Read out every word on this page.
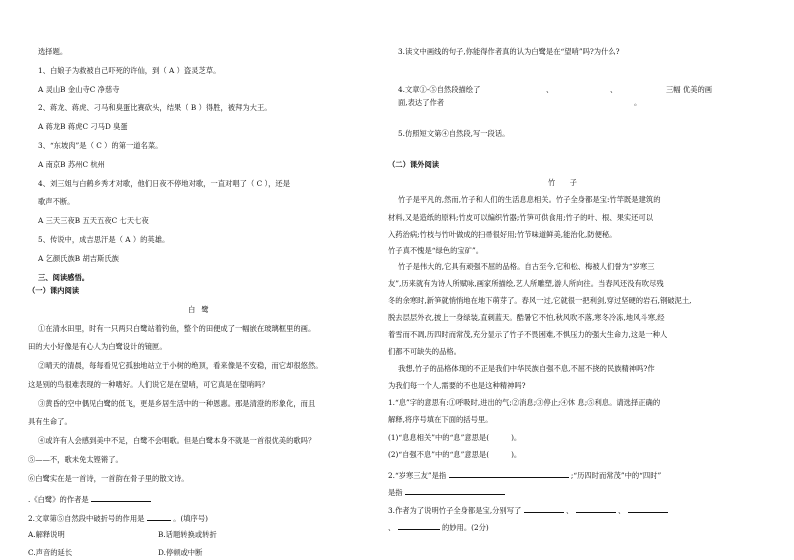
选择题。
1、白娘子为救被自己吓死的许仙，到（ A ）盗灵芝草。
A 灵山B 金山寺C 净慈寺
2、蒋龙、蒋虎、刁马和臭蛋比赛砍头，结果（ B ）得胜，被拜为大王。
A 蒋龙B 蒋虎C 刁马D 臭蛋
3、“东坡肉”是（ C ）的第一道名菜。
A 南京B 苏州C 杭州
4、刘三姐与白鹤乡秀才对歌，他们日夜不停地对歌，一直对唱了（ C ），还是
歌声不断。
A 三天三夜B 五天五夜C 七天七夜
5、传说中，成吉思汗是（ A ）的英雄。
A 乞颜氏族B 胡吉斯氏族
三、阅读感悟。
（一）课内阅读
白鹭
①在清水田里，时有一只两只白鹭站着钓鱼，整个的田便成了一幅嵌在玻璃框里的画。
田的大小好像是有心人为白鹭设计的镜匣。
②晴天的清晨，每每看见它孤独地站立于小树的绝顶，看来像是不安稳，而它却很悠然。
这是别的鸟很难表现的一种嗜好。人们说它是在望哨，可它真是在望哨吗？
③黄昏的空中偶见白鹭的低飞，更是乡居生活中的一种恩惠。那是清澄的形象化，而且
具有生命了。
④或许有人会感到美中不足，白鹭不会唱歌。但是白鹭本身不就是一首很优美的歌吗？
⑤——不，歌未免太铿锵了。
⑥白鹭实在是一首诗，一首韵在骨子里的散文诗。
.《白鹭》的作者是
2.文章第⑤自然段中破折号的作用是	。(填序号)
A.解释说明	B.话题转换或转折
C.声音的延长	D.停顿或中断
3.读文中画线的句子,你能得作者真的认为白鹭是在“望哨”吗?为什么?
4.文章①-⑤自然段描绘了	、	、	三幅 优美的画
面,表达了作者	。
5.仿照短文第④自然段,写一段话。
（二）课外阅读
竹 子
竹子是平凡的,然而,竹子和人们的生活息息相关。竹子全身都是宝:竹竿既是建筑的
材料,又是造纸的原料;竹皮可以编织竹器;竹笋可供食用;竹子的叶、根、果实还可以
入药治病;竹枝与竹叶做成的扫帚很好用;竹节味道鲜美,能治化,防便秘。
竹子真不愧是“绿色的宝矿”。
竹子是伟大的,它具有顽强不屈的品格。自古至今,它和松、梅被人们誉为“岁寒三
友”,历来就有为诗人所赋咏,画家所描绘,艺人所雕塑,游人所向往。当春风还没有吹尽残
冬的余寒时,新笋就悄悄地在地下萌芽了。春风一过,它就很一把利剑,穿过坚硬的岩石,钢破泥土,
脱去层层外衣,披上一身绿装,直刺蓝天。酷暑它不怕,秋风吹不落,寒冬冷冻,地风斗寒,经
着雪而不凋,历四时而常茂,充分显示了竹子不畏困难,不惧压力的强大生命力,这是一种人
们都不可缺失的品格。
我想,竹子的品格体现的不正是我们中华民族自强不息,不屈不挠的民族精神吗?作
为我们每一个人,需要的不也是这种精神吗?
1.“息”字的意思有:①呼吸时,进出的气;②消息;③停止;④休 息;⑤利息。请选择正确的
解释,将序号填在下面的括号里。
(1)“息息相关”中的“息”意思是(	)。
(2)“自强不息”中的“息”意思是(	)。
2.“岁寒三友”是指	;“历四时而常茂”中的“四时”
是指
3.作者为了说明竹子全身都是宝,分别写了	、	、
、	的妙用。(2分)
